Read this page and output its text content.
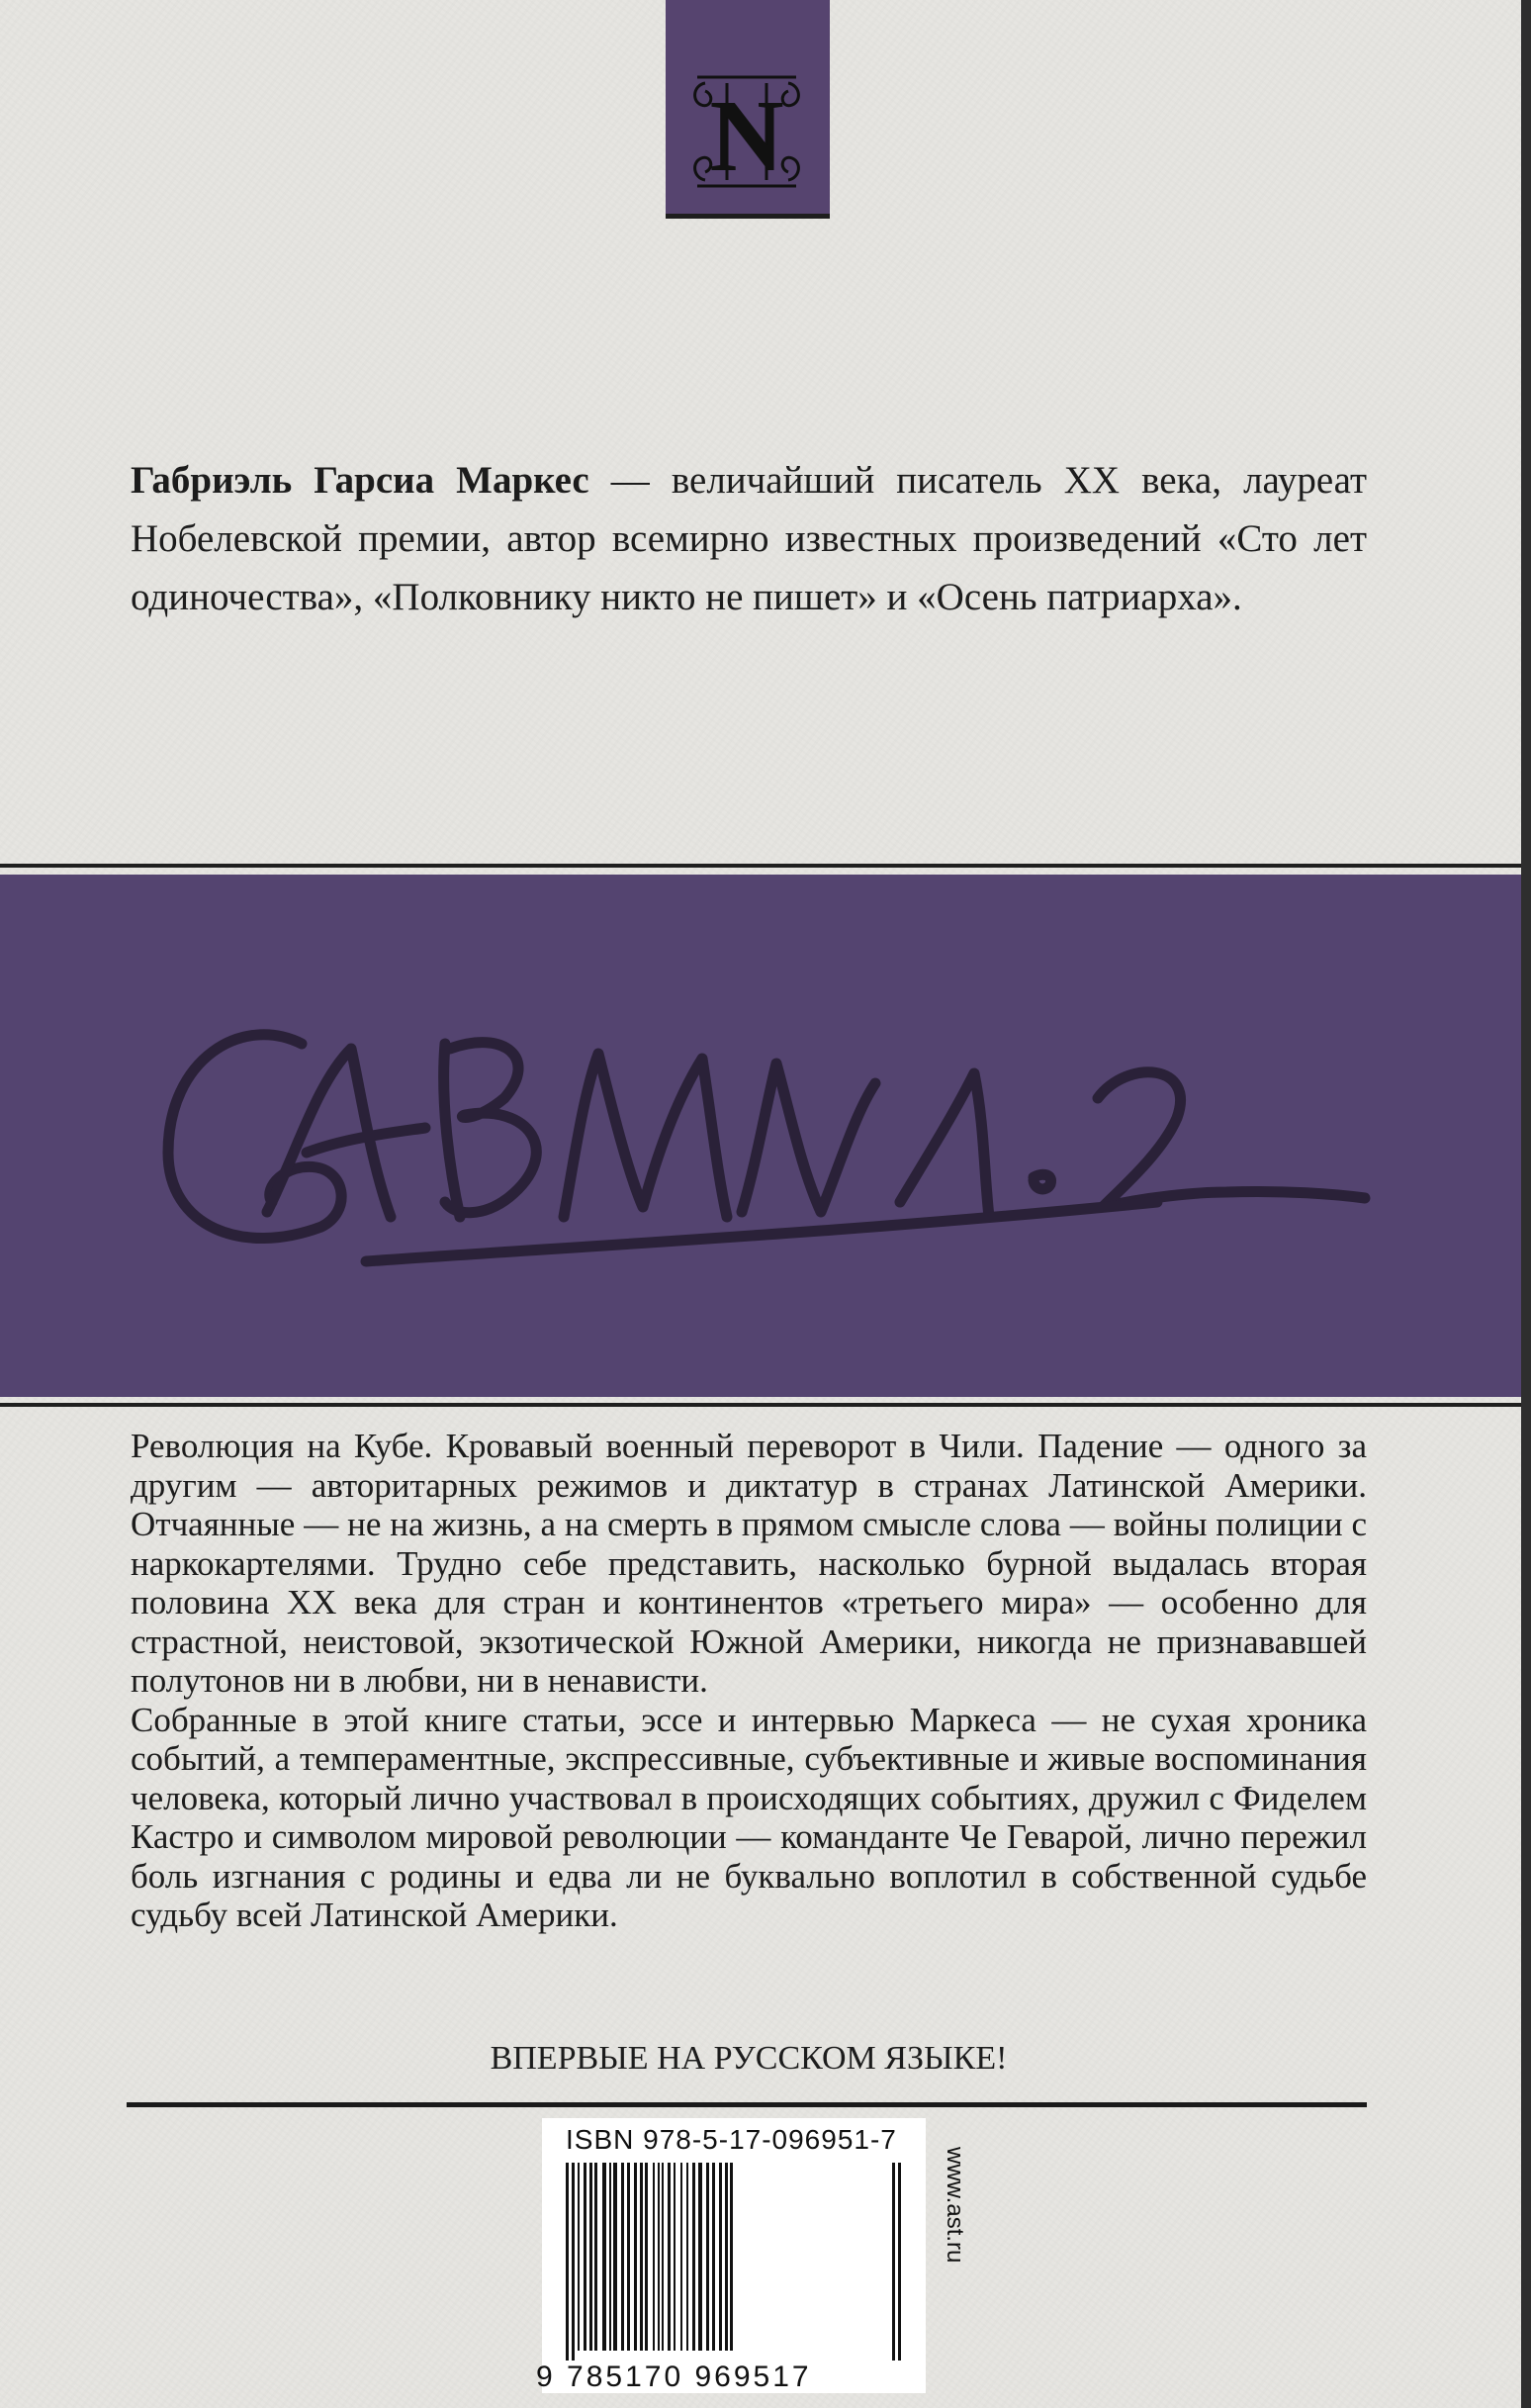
N
Габриэль Гарсиа Маркес — величайший писатель XX века, лауреат Нобелевской премии, автор всемирно известных произведений «Сто лет одиночества», «Полковнику никто не пишет» и «Осень патриарха».

Революция на Кубе. Кровавый военный переворот в Чили. Падение — одного за другим — авторитарных режимов и диктатур в странах Латинской Америки. Отчаянные — не на жизнь, а на смерть в прямом смысле слова — войны полиции с наркокартелями. Трудно себе представить, насколько бурной выдалась вторая половина XX века для стран и континентов «третьего мира» — особенно для страстной, неистовой, экзотической Южной Америки, никогда не признававшей полутонов ни в любви, ни в ненависти.

Собранные в этой книге статьи, эссе и интервью Маркеса — не сухая хроника событий, а темпераментные, экспрессивные, субъективные и живые воспоминания человека, который лично участвовал в происходящих событиях, дружил с Фиделем Кастро и символом мировой революции — команданте Че Геварой, лично пережил боль изгнания с родины и едва ли не буквально воплотил в собственной судьбе судьбу всей Латинской Америки.

ВПЕРВЫЕ НА РУССКОМ ЯЗЫКЕ!
ISBN 978-5-17-096951-7
9 785170 969517
www.ast.ru
